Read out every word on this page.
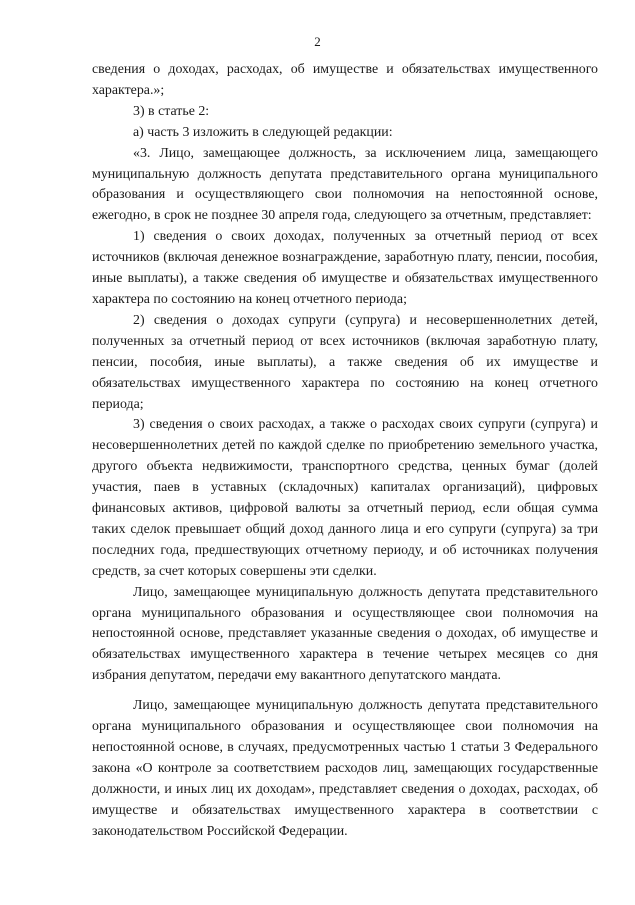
2

сведения о доходах, расходах, об имуществе и обязательствах имущественного характера.»;

3) в статье 2:

а) часть 3 изложить в следующей редакции:

«3. Лицо, замещающее должность, за исключением лица, замещающего муниципальную должность депутата представительного органа муниципального образования и осуществляющего свои полномочия на непостоянной основе, ежегодно, в срок не позднее 30 апреля года, следующего за отчетным, представляет:

1) сведения о своих доходах, полученных за отчетный период от всех источников (включая денежное вознаграждение, заработную плату, пенсии, пособия, иные выплаты), а также сведения об имуществе и обязательствах имущественного характера по состоянию на конец отчетного периода;

2) сведения о доходах супруги (супруга) и несовершеннолетних детей, полученных за отчетный период от всех источников (включая заработную плату, пенсии, пособия, иные выплаты), а также сведения об их имуществе и обязательствах имущественного характера по состоянию на конец отчетного периода;

3) сведения о своих расходах, а также о расходах своих супруги (супруга) и несовершеннолетних детей по каждой сделке по приобретению земельного участка, другого объекта недвижимости, транспортного средства, ценных бумаг (долей участия, паев в уставных (складочных) капиталах организаций), цифровых финансовых активов, цифровой валюты за отчетный период, если общая сумма таких сделок превышает общий доход данного лица и его супруги (супруга) за три последних года, предшествующих отчетному периоду, и об источниках получения средств, за счет которых совершены эти сделки.

Лицо, замещающее муниципальную должность депутата представительного органа муниципального образования и осуществляющее свои полномочия на непостоянной основе, представляет указанные сведения о доходах, об имуществе и обязательствах имущественного характера в течение четырех месяцев со дня избрания депутатом, передачи ему вакантного депутатского мандата.

Лицо, замещающее муниципальную должность депутата представительного органа муниципального образования и осуществляющее свои полномочия на непостоянной основе, в случаях, предусмотренных частью 1 статьи 3 Федерального закона «О контроле за соответствием расходов лиц, замещающих государственные должности, и иных лиц их доходам», представляет сведения о доходах, расходах, об имуществе и обязательствах имущественного характера в соответствии с законодательством Российской Федерации.
